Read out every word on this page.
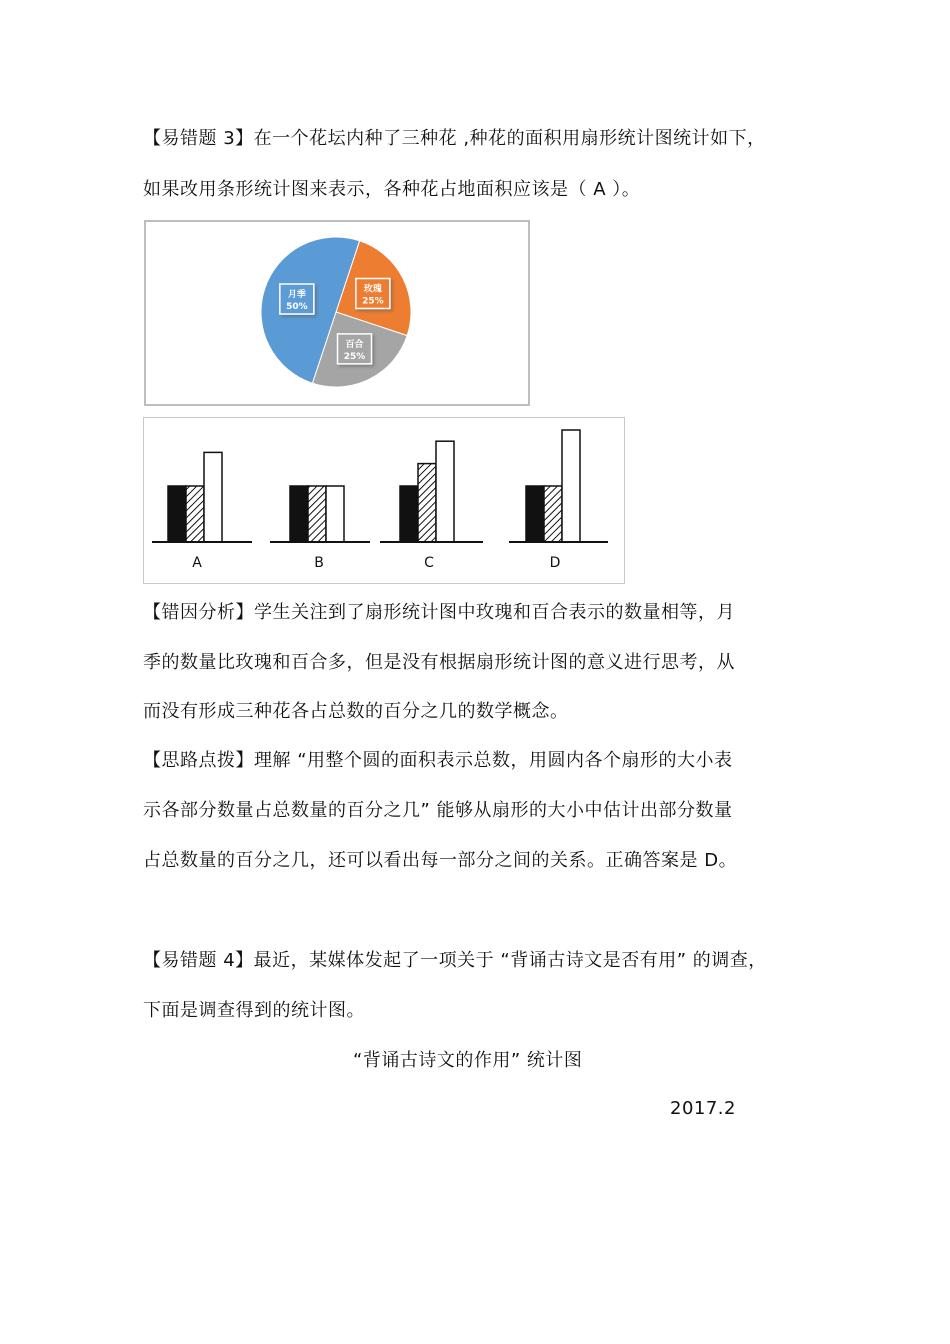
【易错题 3】在一个花坛内种了三种花 ,种花的面积用扇形统计图统计如下，
如果改用条形统计图来表示，各种花占地面积应该是（ A ）。
玫瑰
25%
百合
25%
月季
50%
A	B	C	D
【错因分析】学生关注到了扇形统计图中玫瑰和百合表示的数量相等，月
季的数量比玫瑰和百合多，但是没有根据扇形统计图的意义进行思考，从
而没有形成三种花各占总数的百分之几的数学概念。
【思路点拨】理解 “用整个圆的面积表示总数，用圆内各个扇形的大小表
示各部分数量占总数量的百分之几” 能够从扇形的大小中估计出部分数量
占总数量的百分之几，还可以看出每一部分之间的关系。正确答案是 D。
【易错题 4】最近，某媒体发起了一项关于 “背诵古诗文是否有用” 的调查，
下面是调查得到的统计图。
“背诵古诗文的作用” 统计图
2017.2
